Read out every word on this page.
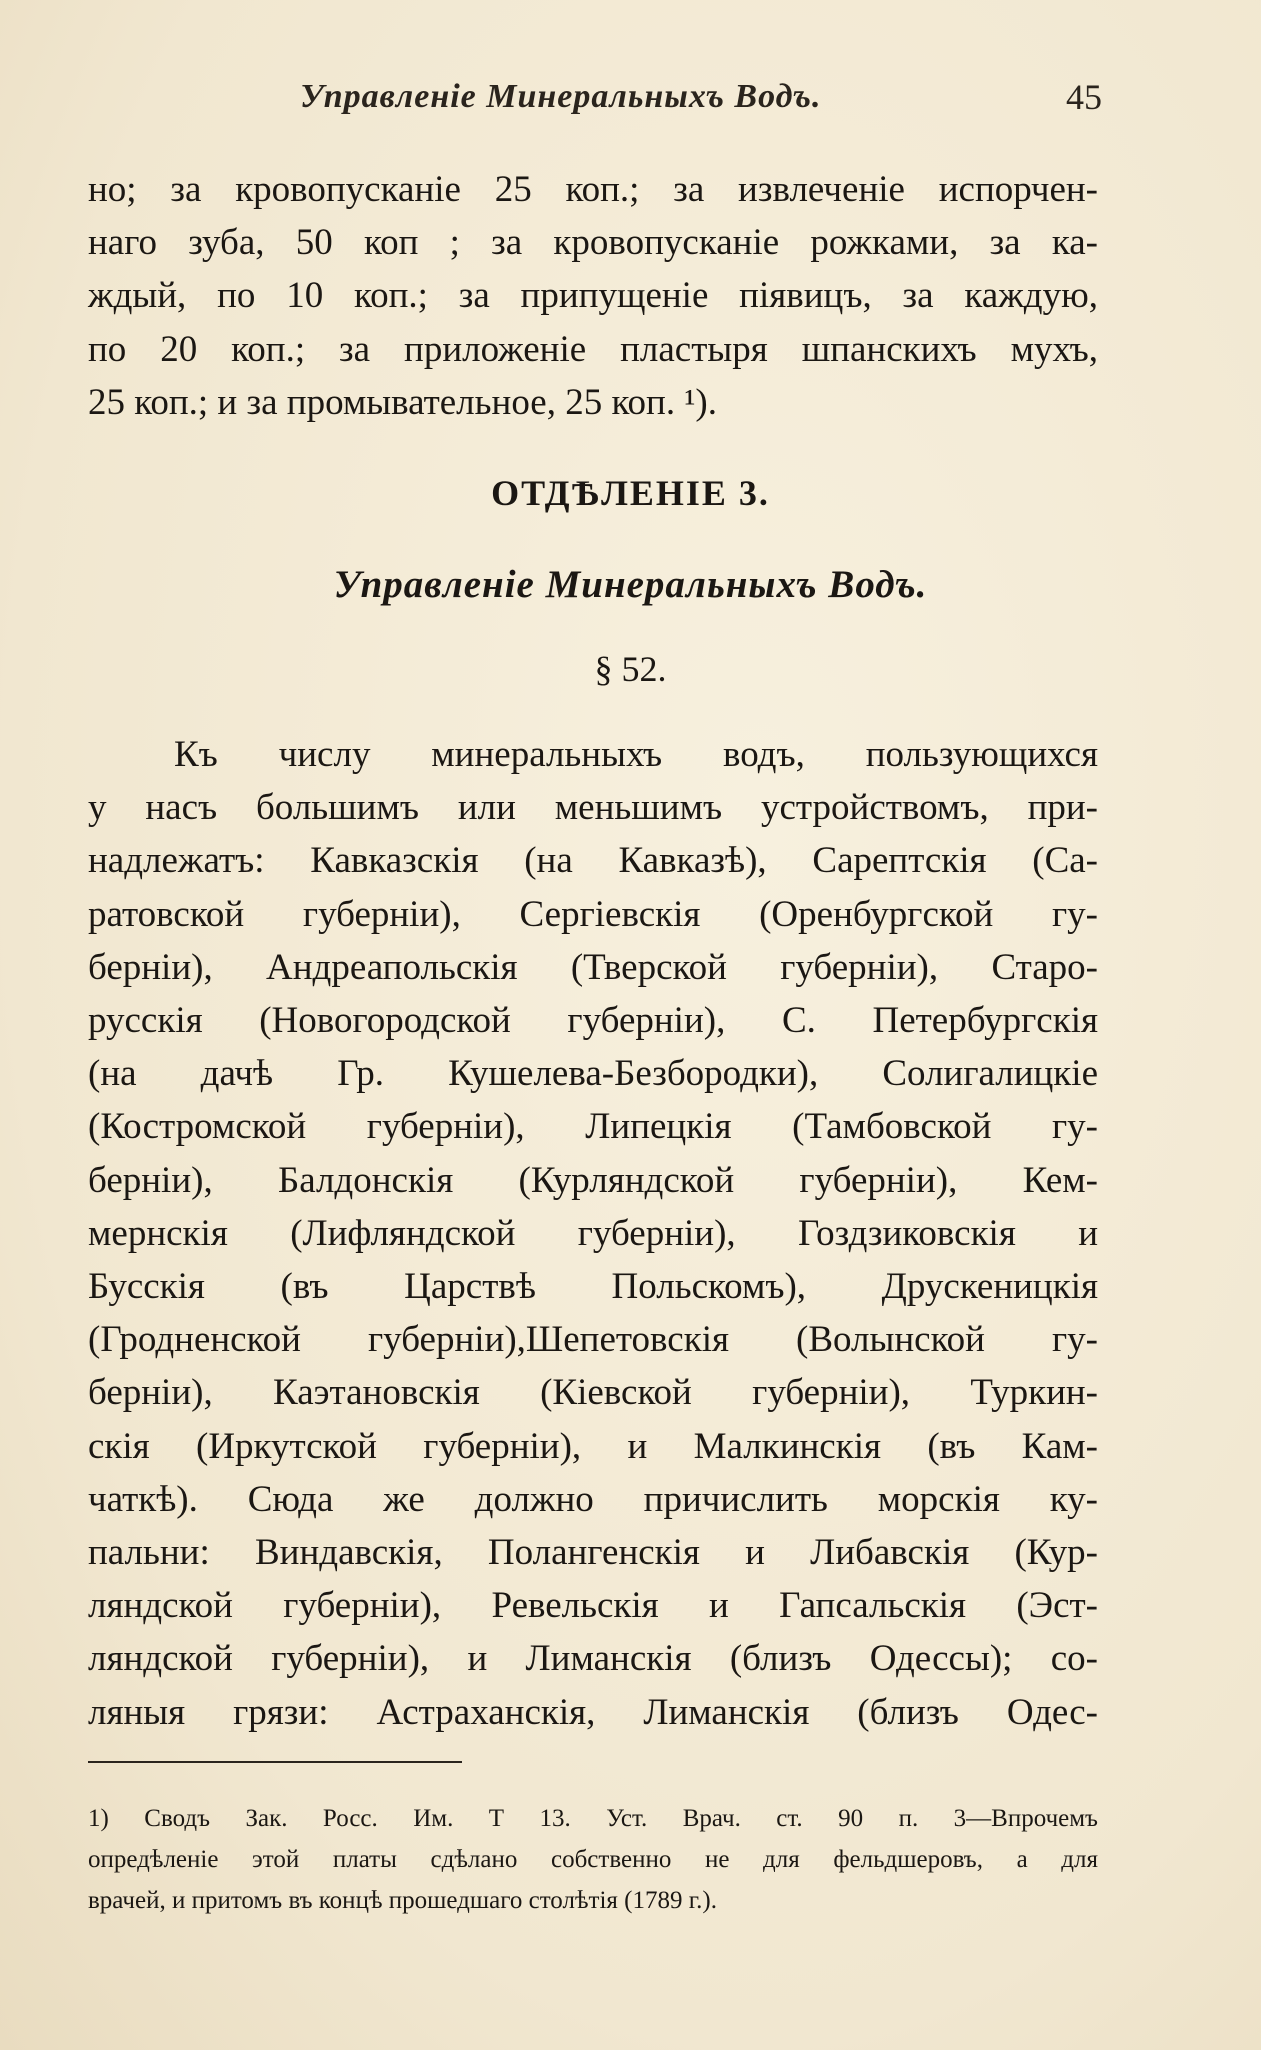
Управленіе Минеральныхъ Водъ.	45
но; за кровопусканіе 25 коп.; за извлеченіе испорчен-
наго зуба, 50 коп ; за кровопусканіе рожками, за ка-
ждый, по 10 коп.; за припущеніе піявицъ, за каждую,
по 20 коп.; за приложеніе пластыря шпанскихъ мухъ,
25 коп.; и за промывательное, 25 коп. ¹).
ОТДѢЛЕНІЕ 3.
Управленіе Минеральныхъ Водъ.
§ 52.
Къ числу минеральныхъ водъ, пользующихся
у насъ большимъ или меньшимъ устройствомъ, при-
надлежатъ: Кавказскія (на Кавказѣ), Сарептскія (Са-
ратовской губерніи), Сергіевскія (Оренбургской гу-
берніи), Андреапольскія (Тверской губерніи), Старо-
русскія (Новогородской губерніи), С. Петербургскія
(на дачѣ Гр. Кушелева-Безбородки), Солигалицкіе
(Костромской губерніи), Липецкія (Тамбовской гу-
берніи), Балдонскія (Курляндской губерніи), Кем-
мернскія (Лифляндской губерніи), Гоздзиковскія и
Бусскія (въ Царствѣ Польскомъ), Друскеницкія
(Гродненской губерніи),Шепетовскія (Волынской гу-
берніи), Каэтановскія (Кіевской губерніи), Туркин-
скія (Иркутской губерніи), и Малкинскія (въ Кам-
чаткѣ). Сюда же должно причислить морскія ку-
пальни: Виндавскія, Полангенскія и Либавскія (Кур-
ляндской губерніи), Ревельскія и Гапсальскія (Эст-
ляндской губерніи), и Лиманскія (близъ Одессы); со-
ляныя грязи: Астраханскія, Лиманскія (близъ Одес-
1) Сводъ Зак. Росс. Им. Т 13. Уст. Врач. ст. 90 п. 3—Впрочемъ
опредѣленіе этой платы сдѣлано собственно не для фельдшеровъ, а для
врачей, и притомъ въ концѣ прошедшаго столѣтія (1789 г.).
